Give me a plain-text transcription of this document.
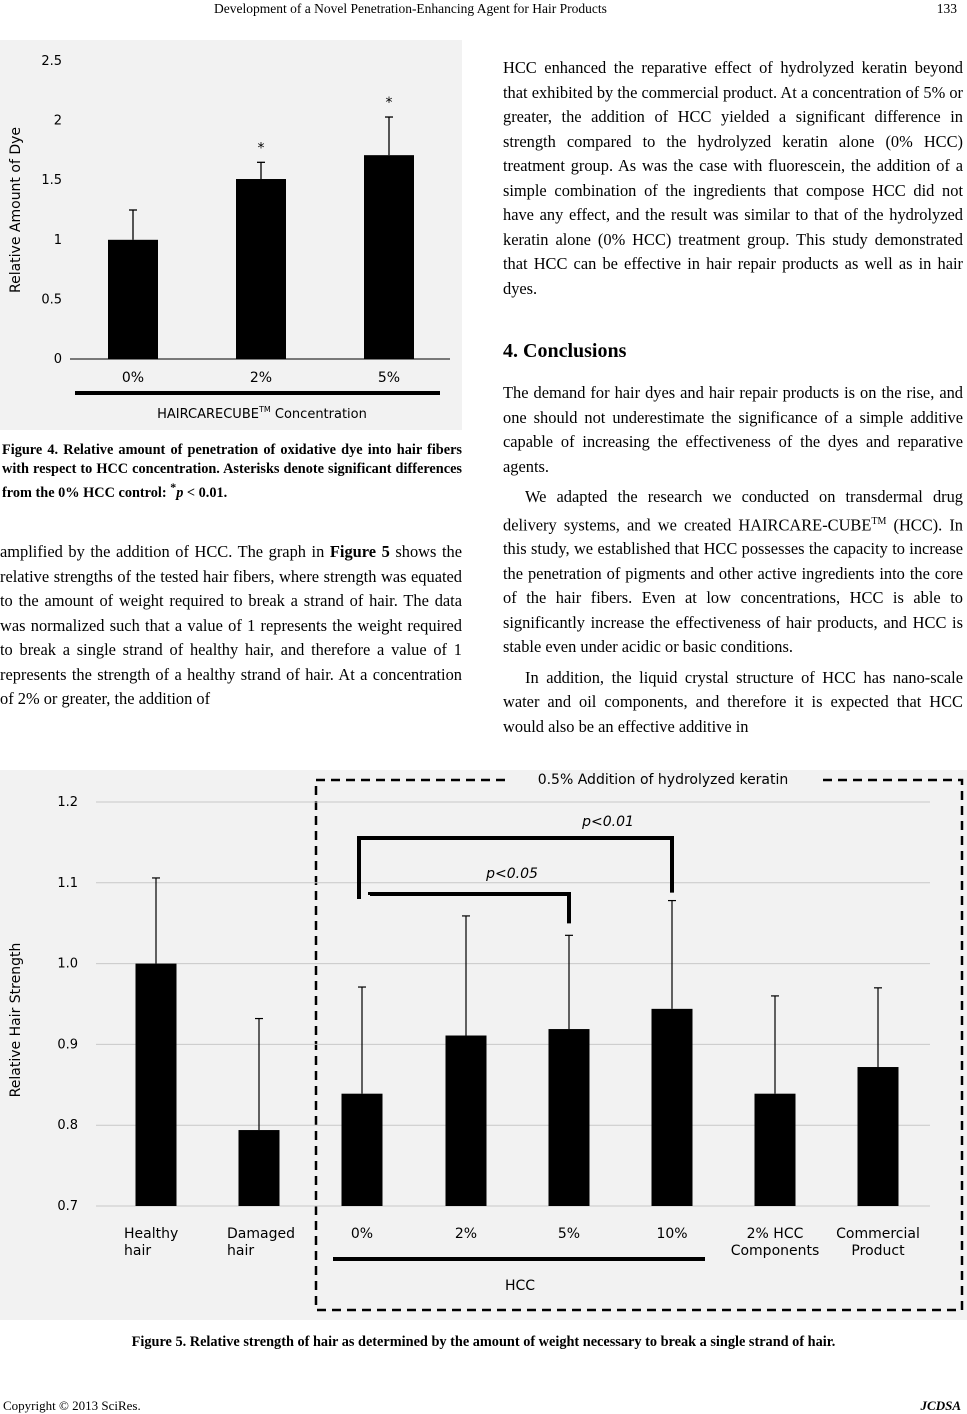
Development of a Novel Penetration-Enhancing Agent for Hair Products	133
0
0.5
1
1.5
2
2.5
0%
*
2%
*
5%
HAIRCARECUBE™ Concentration
Relative Amount of Dye
Figure 4. Relative amount of penetration of oxidative dye into hair fibers with respect to HCC concentration. Asterisks denote significant differences from the 0% HCC control: *p < 0.01.

amplified by the addition of HCC. The graph in Figure 5 shows the relative strengths of the tested hair fibers, where strength was equated to the amount of weight required to break a strand of hair. The data was normalized such that a value of 1 represents the weight required to break a single strand of healthy hair, and therefore a value of 1 represents the strength of a healthy strand of hair. At a concentration of 2% or greater, the addition of

HCC enhanced the reparative effect of hydrolyzed keratin beyond that exhibited by the commercial product. At a concentration of 5% or greater, the addition of HCC yielded a significant difference in strength compared to the hydrolyzed keratin alone (0% HCC) treatment group. As was the case with fluorescein, the addition of a simple combination of the ingredients that compose HCC did not have any effect, and the result was similar to that of the hydrolyzed keratin alone (0% HCC) treatment group. This study demonstrated that HCC can be effective in hair repair products as well as in hair dyes.

4. Conclusions

The demand for hair dyes and hair repair products is on the rise, and one should not underestimate the significance of a simple additive capable of increasing the effectiveness of the dyes and reparative agents.

We adapted the research we conducted on transdermal drug delivery systems, and we created HAIRCARE-CUBE™ (HCC). In this study, we established that HCC possesses the capacity to increase the penetration of pigments and other active ingredients into the core of the hair fibers. Even at low concentrations, HCC is able to significantly increase the effectiveness of hair products, and HCC is stable even under acidic or basic conditions.

In addition, the liquid crystal structure of HCC has nano-scale water and oil components, and therefore it is expected that HCC would also be an effective additive in

0.5% Addition of hydrolyzed keratin
0.7
0.8
0.9
1.0
1.1
1.2
Healthy
hair
Damaged
hair
0%	2%	5%	10%	2% HCC
Components
Commercial
Product
p<0.01
p<0.05
HCC
Relative Hair Strength
Figure 5. Relative strength of hair as determined by the amount of weight necessary to break a single strand of hair.
Copyright © 2013 SciRes.	JCDSA
